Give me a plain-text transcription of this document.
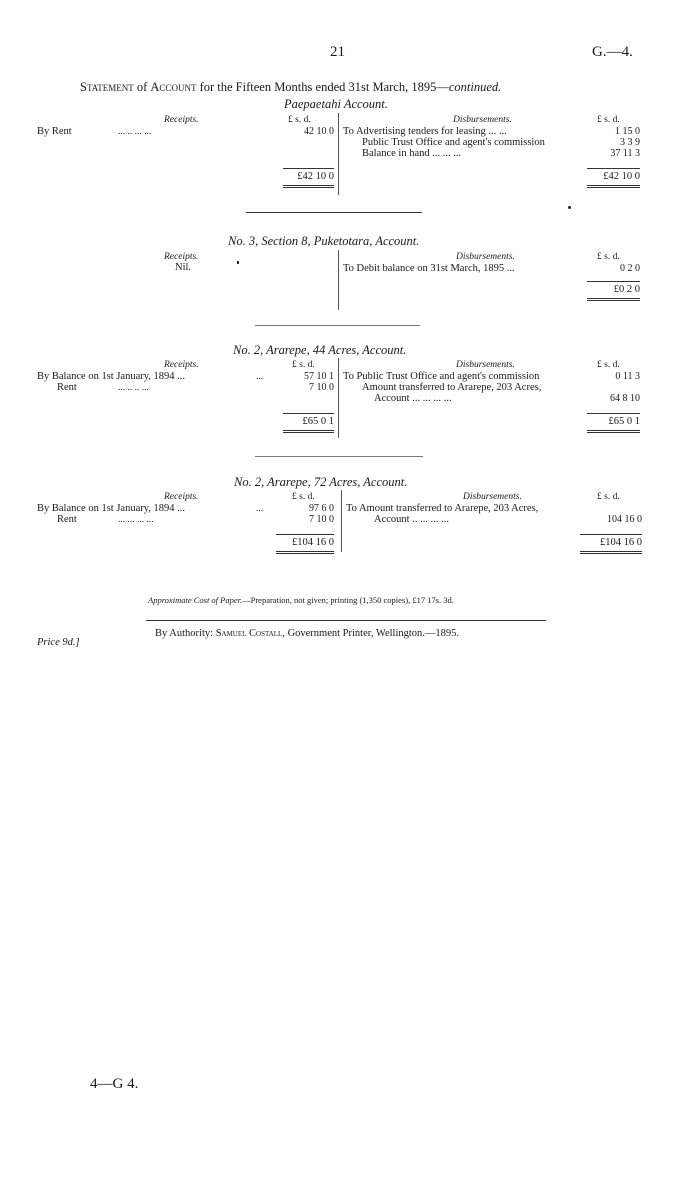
21	G.—4.
Statement of Account for the Fifteen Months ended 31st March, 1895—continued.
Paepaetahi Account.
Receipts.	£ s. d.	Disbursements.	£ s. d.
By Rent	... .. ... ...	42 10 0 To Advertising tenders for leasing ... ...	1 15 0
Public Trust Office and agent's commission	3 3 9
Balance in hand ... ... ...	37 11 3
£42 10 0	£42 10 0
No. 3, Section 8, Puketotara, Account.
Receipts.
Nil.
Disbursements.	£ s. d.
To Debit balance on 31st March, 1895 ...	0 2 0
£0 2 0
No. 2, Ararepe, 44 Acres, Account.
Receipts.	£ s. d.	Disbursements.	£ s. d.
By Balance on 1st January, 1894 ...	...	57 10 1
Rent	... .. .. ...	7 10 0
To Public Trust Office and agent's commission	0 11 3
Amount transferred to Ararepe, 203 Acres,
Account ... ... ... ...	64 8 10
£65 0 1	£65 0 1
No. 2, Ararepe, 72 Acres, Account.
Receipts.	£ s. d.	Disbursements.	£ s. d.
By Balance on 1st January, 1894 ...	...	97 6 0
Rent	... ... ... ...	7 10 0
To Amount transferred to Ararepe, 203 Acres,
Account .. ... ... ...	104 16 0
£104 16 0	£104 16 0
Approximate Cost of Paper.—Preparation, not given; printing (1,350 copies), £17 17s. 3d.
Price 9d.]
By Authority: Samuel Costall, Government Printer, Wellington.—1895.
4—G 4.
